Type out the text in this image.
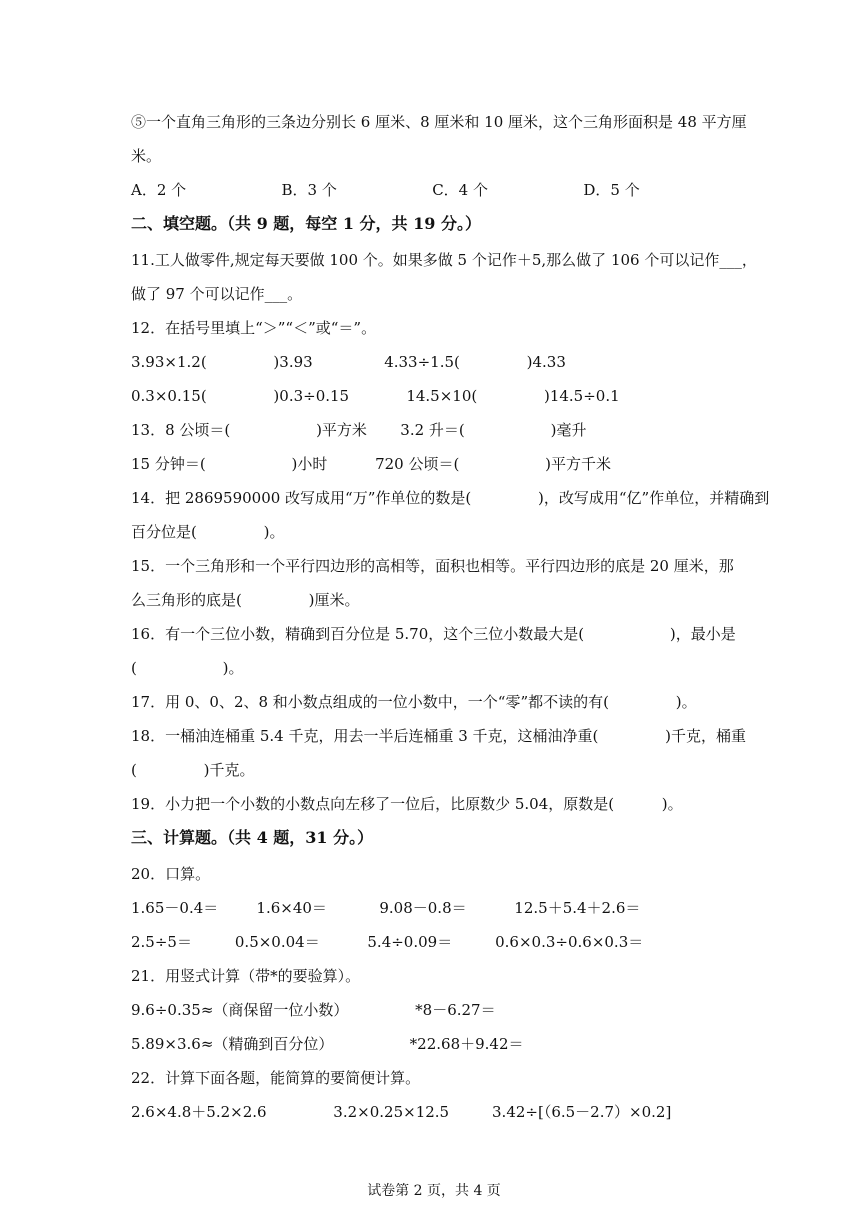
⑤一个直角三角形的三条边分别长 6 厘米、8 厘米和 10 厘米，这个三角形面积是 48 平方厘
米。
A．2 个                    B．3 个                    C．4 个                    D．5 个
二、填空题。（共 9 题，每空 1 分，共 19 分。）
11.工人做零件,规定每天要做 100 个。如果多做 5 个记作＋5,那么做了 106 个可以记作___，
做了 97 个可以记作___。
12．在括号里填上“＞”“＜”或“＝”。
3.93×1.2(              )3.93               4.33÷1.5(              )4.33
0.3×0.15(              )0.3÷0.15            14.5×10(              )14.5÷0.1
13．8 公顷＝(                  )平方米       3.2 升＝(                  )毫升
15 分钟＝(                  )小时          720 公顷＝(                  )平方千米
14．把 2869590000 改写成用“万”作单位的数是(              )，改写成用“亿”作单位，并精确到
百分位是(              )。
15．一个三角形和一个平行四边形的高相等，面积也相等。平行四边形的底是 20 厘米，那
么三角形的底是(              )厘米。
16．有一个三位小数，精确到百分位是 5.70，这个三位小数最大是(                  )，最小是
(                  )。
17．用 0、0、2、8 和小数点组成的一位小数中，一个“零”都不读的有(              )。
18．一桶油连桶重 5.4 千克，用去一半后连桶重 3 千克，这桶油净重(              )千克，桶重
(              )千克。
19．小力把一个小数的小数点向左移了一位后，比原数少 5.04，原数是(          )。
三、计算题。（共 4 题，31 分。）
20．口算。
1.65－0.4＝        1.6×40＝           9.08－0.8＝          12.5＋5.4＋2.6＝
2.5÷5＝         0.5×0.04＝          5.4÷0.09＝         0.6×0.3÷0.6×0.3＝
21．用竖式计算（带*的要验算）。
9.6÷0.35≈（商保留一位小数）              *8－6.27＝
5.89×3.6≈（精确到百分位）                *22.68＋9.42＝
22．计算下面各题，能简算的要简便计算。
2.6×4.8＋5.2×2.6              3.2×0.25×12.5         3.42÷[（6.5－2.7）×0.2]
试卷第 2 页，共 4 页
